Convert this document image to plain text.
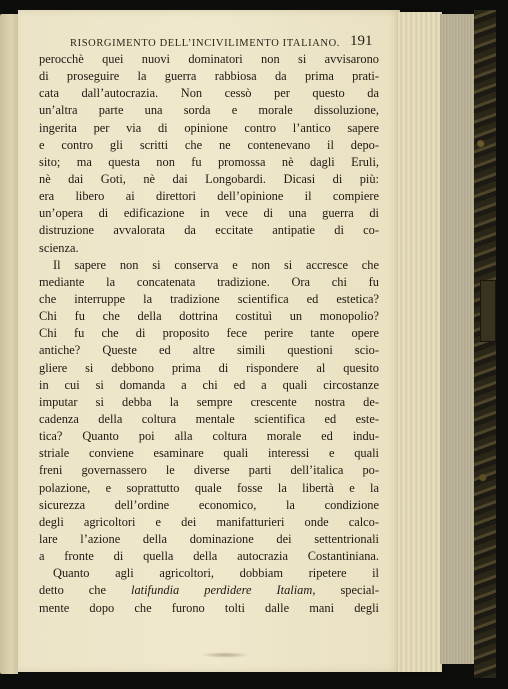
RISORGIMENTO DELL’INCIVILIMENTO ITALIANO. 191
perocchè quei nuovi dominatori non si avvisarono
di proseguire la guerra rabbiosa da prima prati-
cata dall’autocrazia. Non cessò per questo da
un’altra parte una sorda e morale dissoluzione,
ingerita per via di opinione contro l’antico sapere
e contro gli scritti che ne contenevano il depo-
sito; ma questa non fu promossa nè dagli Eruli,
nè dai Goti, nè dai Longobardi. Dicasi di più:
era libero ai direttori dell’opinione il compiere
un’opera di edificazione in vece di una guerra di
distruzione avvalorata da eccitate antipatie di co-
scienza.
Il sapere non si conserva e non si accresce che
mediante la concatenata tradizione. Ora chi fu
che interruppe la tradizione scientifica ed estetica?
Chi fu che della dottrina costituì un monopolio?
Chi fu che di proposito fece perire tante opere
antiche? Queste ed altre simili questioni scio-
gliere si debbono prima di rispondere al quesito
in cui si domanda a chi ed a quali circostanze
imputar si debba la sempre crescente nostra de-
cadenza della coltura mentale scientifica ed este-
tica? Quanto poi alla coltura morale ed indu-
striale conviene esaminare quali interessi e quali
freni governassero le diverse parti dell’italica po-
polazione, e soprattutto quale fosse la libertà e la
sicurezza dell’ordine economico, la condizione
degli agricoltori e dei manifatturieri onde calco-
lare l’azione della dominazione dei settentrionali
a fronte di quella della autocrazia Costantiniana.
Quanto agli agricoltori, dobbiam ripetere il
detto che latifundia perdidere Italiam, special-
mente dopo che furono tolti dalle mani degli
